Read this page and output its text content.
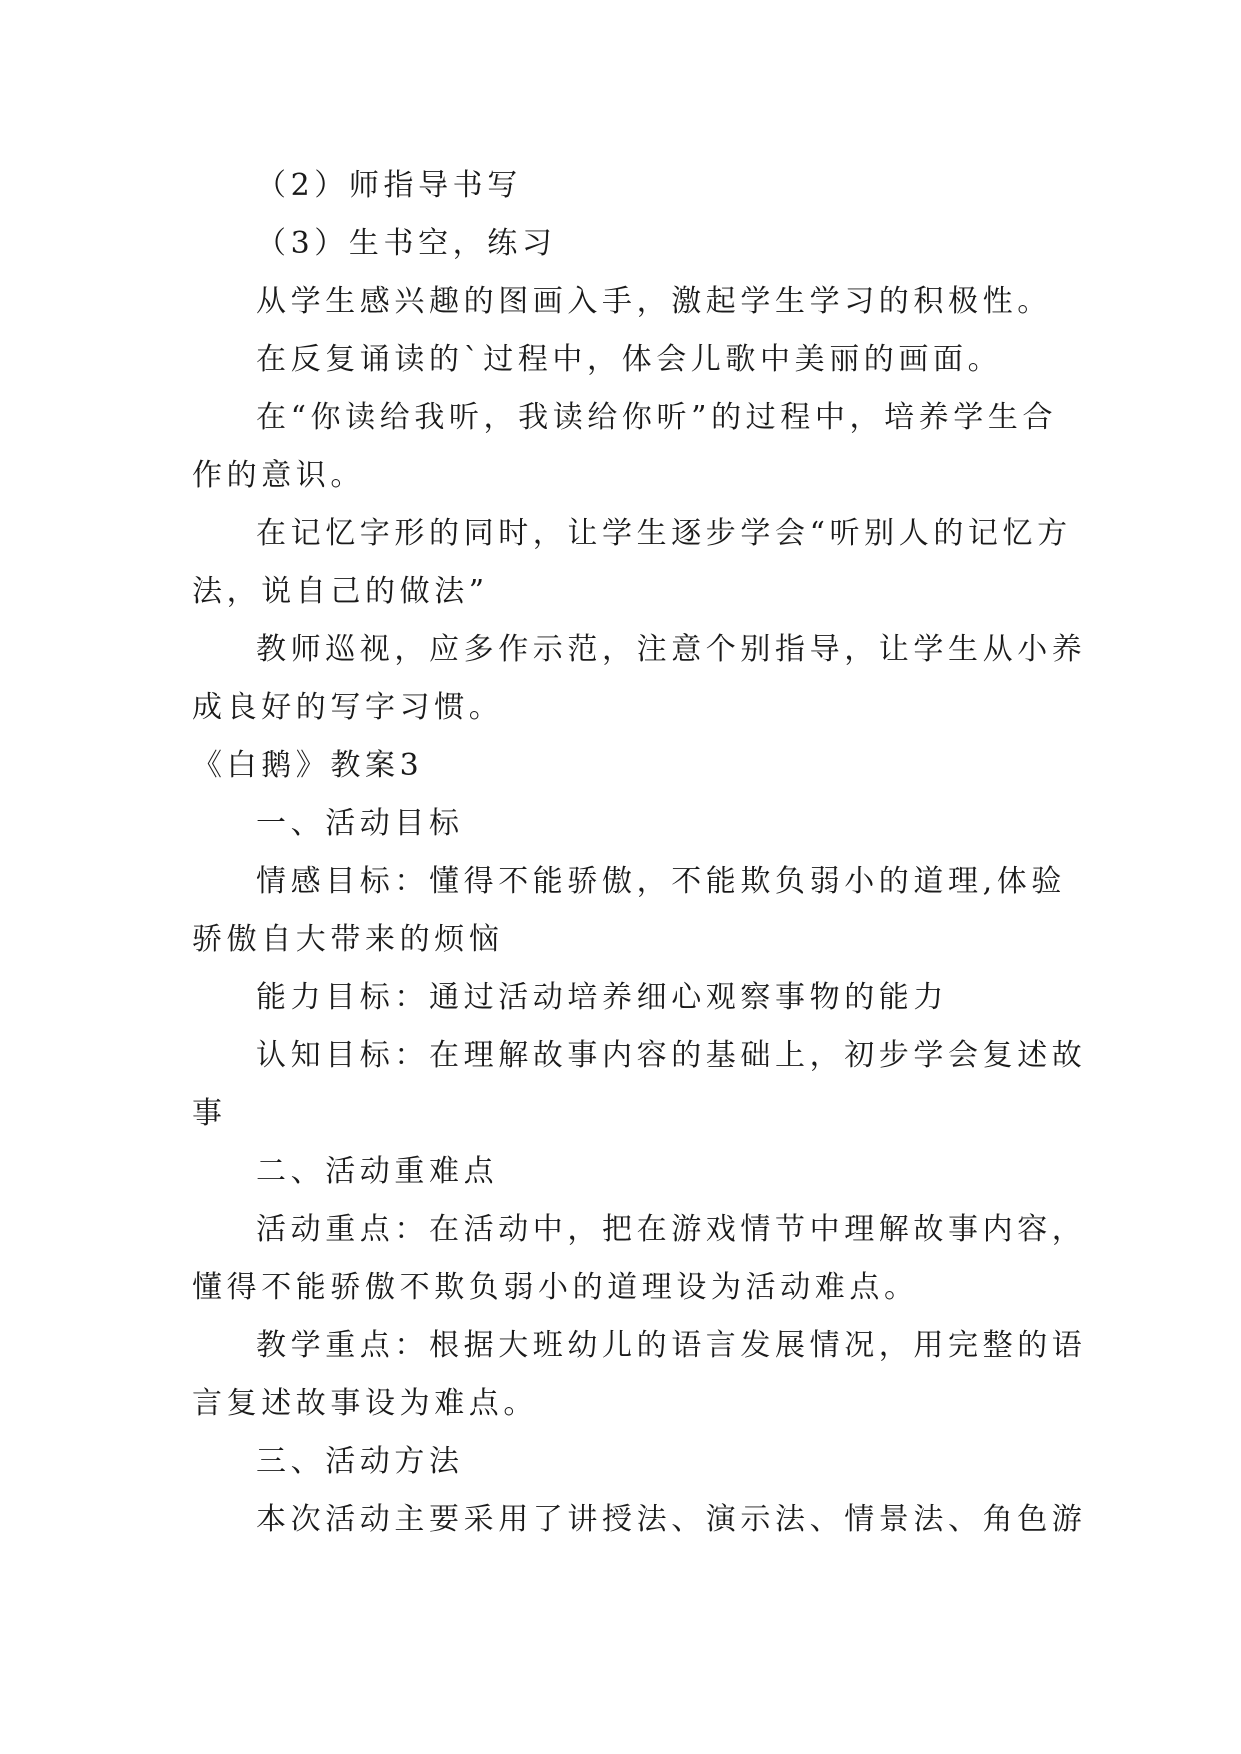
（2）师指导书写
（3）生书空，练习
从学生感兴趣的图画入手，激起学生学习的积极性。
在反复诵读的`过程中，体会儿歌中美丽的画面。
在“你读给我听，我读给你听”的过程中，培养学生合
作的意识。
在记忆字形的同时，让学生逐步学会“听别人的记忆方
法，说自己的做法”
教师巡视，应多作示范，注意个别指导，让学生从小养
成良好的写字习惯。
《白鹅》教案3
一、活动目标
情感目标：懂得不能骄傲，不能欺负弱小的道理,体验
骄傲自大带来的烦恼
能力目标：通过活动培养细心观察事物的能力
认知目标：在理解故事内容的基础上，初步学会复述故
事
二、活动重难点
活动重点：在活动中，把在游戏情节中理解故事内容，
懂得不能骄傲不欺负弱小的道理设为活动难点。
教学重点：根据大班幼儿的语言发展情况，用完整的语
言复述故事设为难点。
三、活动方法
本次活动主要采用了讲授法、演示法、情景法、角色游
